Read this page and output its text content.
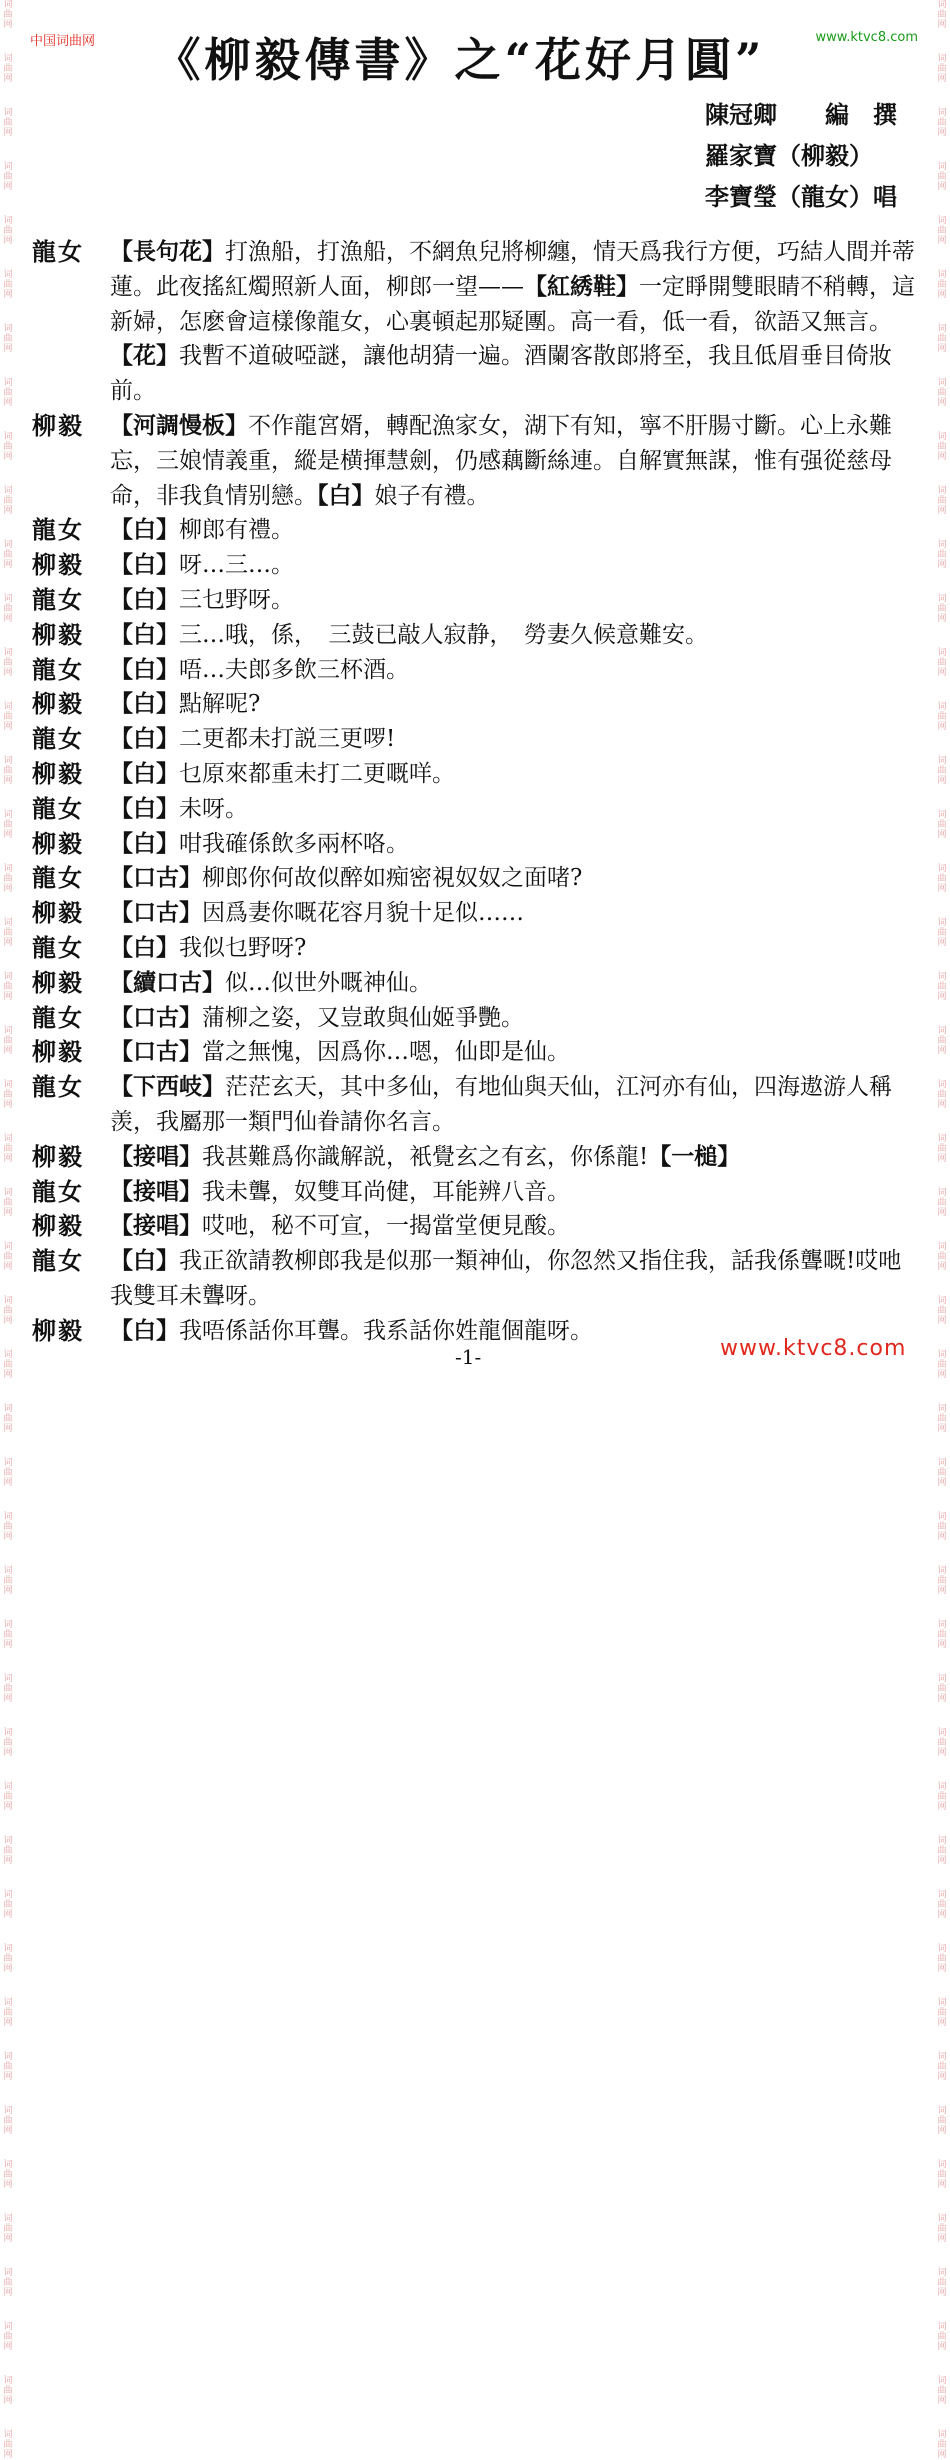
词曲网
词曲网
词曲网
词曲网
词曲网
词曲网
词曲网
词曲网
词曲网
词曲网
词曲网
词曲网
词曲网
词曲网
词曲网
词曲网
词曲网
词曲网
词曲网
词曲网
词曲网
词曲网
词曲网
词曲网
词曲网
词曲网
词曲网
词曲网
词曲网
词曲网
词曲网
词曲网
词曲网
词曲网
词曲网
词曲网
词曲网
词曲网
词曲网
词曲网
词曲网
词曲网
词曲网
词曲网
词曲网
词曲网
词曲网
词曲网
词曲网
词曲网
词曲网
词曲网
词曲网
词曲网
词曲网
词曲网
词曲网
词曲网
词曲网
词曲网
词曲网
词曲网
词曲网
词曲网
词曲网
词曲网
词曲网
词曲网
词曲网
词曲网
词曲网
词曲网
词曲网
词曲网
词曲网
词曲网
词曲网
词曲网
词曲网
词曲网
词曲网
词曲网
词曲网
词曲网
词曲网
词曲网
词曲网
词曲网
词曲网
词曲网
词曲网
词曲网
中国词曲网	www.ktvc8.com
《柳毅傳書》之“花好月圓”
陳冠卿　　編　撰
羅家寶（柳毅）
李寶瑩（龍女）唱
龍女 【長句花】打漁船，打漁船，不網魚兒將柳纏，情天爲我行方便，巧結人間并蒂蓮。此夜搖紅燭照新人面，柳郎一望——【紅綉鞋】一定睜開雙眼睛不稍轉，這新婦，怎麽會這樣像龍女，心裏頓起那疑團。高一看，低一看，欲語又無言。【花】我暫不道破啞謎，讓他胡猜一遍。酒闌客散郎將至，我且低眉垂目倚妝前。
柳毅 【河調慢板】不作龍宮婿，轉配漁家女，湖下有知，寧不肝腸寸斷。心上永難忘，三娘情義重，縱是横揮慧劍，仍感藕斷絲連。自解實無謀，惟有强從慈母命，非我負情别戀。【白】娘子有禮。
龍女 【白】柳郎有禮。
柳毅 【白】呀…三…。
龍女 【白】三乜野呀。
柳毅 【白】三…哦，係，　三鼓已敲人寂静，　勞妻久候意難安。
龍女 【白】唔…夫郎多飲三杯酒。
柳毅 【白】點解呢?
龍女 【白】二更都未打説三更啰!
柳毅 【白】乜原來都重未打二更嘅咩。
龍女 【白】未呀。
柳毅 【白】咁我確係飲多兩杯咯。
龍女 【口古】柳郎你何故似醉如痴密視奴奴之面啫?
柳毅 【口古】因爲妻你嘅花容月貌十足似……
龍女 【白】我似乜野呀?
柳毅 【續口古】似…似世外嘅神仙。
龍女 【口古】蒲柳之姿，又豈敢與仙姬爭艷。
柳毅 【口古】當之無愧，因爲你…嗯，仙即是仙。
龍女 【下西岐】茫茫玄天，其中多仙，有地仙與天仙，江河亦有仙，四海遨游人稱羡，我屬那一類門仙眷請你名言。
柳毅 【接唱】我甚難爲你識解説，衹覺玄之有玄，你係龍!【一槌】
龍女 【接唱】我未聾，奴雙耳尚健，耳能辨八音。
柳毅 【接唱】哎吔，秘不可宣，一揭當堂便見酸。
龍女 【白】我正欲請教柳郎我是似那一類神仙，你忽然又指住我，話我係聾嘅!哎吔我雙耳未聾呀。
柳毅 【白】我唔係話你耳聾。我系話你姓龍個龍呀。
-1-	www.ktvc8.com
